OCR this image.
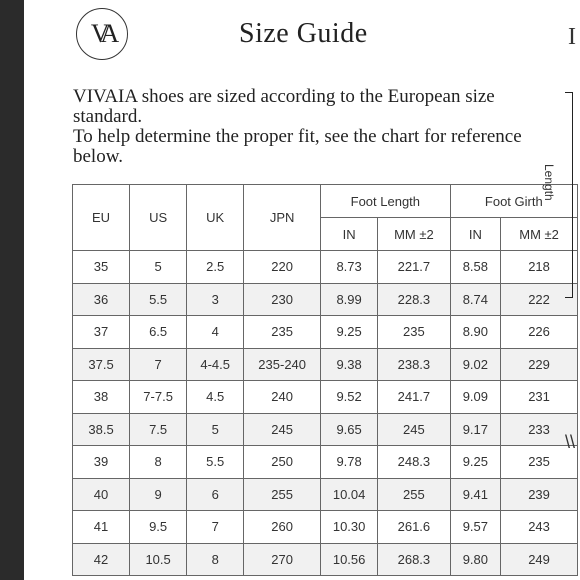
VA	Size Guide

VIVAIA shoes are sized according to the European size standard.

To help determine the proper fit, see the chart for reference below.

EU	US	UK	JPN	Foot Length		Foot Girth	
				IN	MM ±2	IN	MM ±2
35	5	2.5	220	8.73	221.7	8.58	218
36	5.5	3	230	8.99	228.3	8.74	222
37	6.5	4	235	9.25	235	8.90	226
37.5	7	4-4.5	235-240	9.38	238.3	9.02	229
38	7-7.5	4.5	240	9.52	241.7	9.09	231
38.5	7.5	5	245	9.65	245	9.17	233
39	8	5.5	250	9.78	248.3	9.25	235
40	9	6	255	10.04	255	9.41	239
41	9.5	7	260	10.30	261.6	9.57	243
42	10.5	8	270	10.56	268.3	9.80	249
I
Length
\\
